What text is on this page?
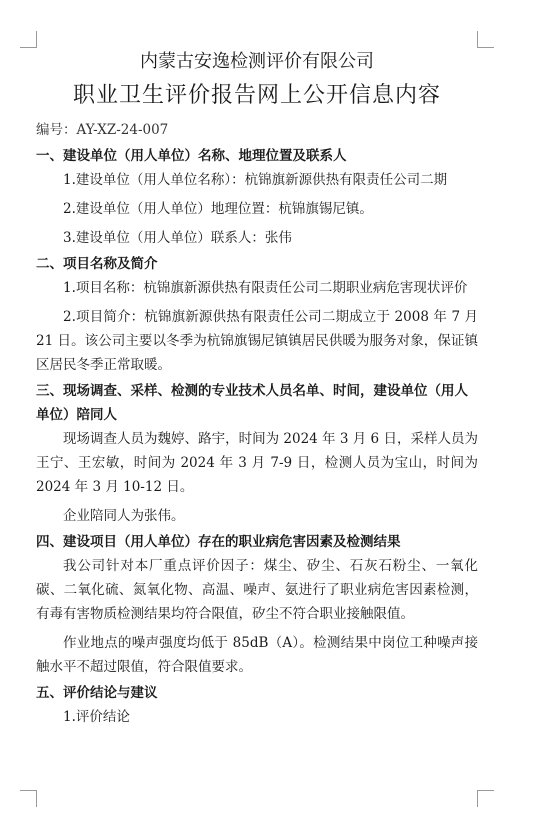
内蒙古安逸检测评价有限公司

职业卫生评价报告网上公开信息内容

编号：AY-XZ-24-007

一、建设单位（用人单位）名称、地理位置及联系人

1.建设单位（用人单位名称）：杭锦旗新源供热有限责任公司二期

2.建设单位（用人单位）地理位置：杭锦旗锡尼镇。

3.建设单位（用人单位）联系人：张伟

二、项目名称及简介

1.项目名称：杭锦旗新源供热有限责任公司二期职业病危害现状评价

2.项目简介：杭锦旗新源供热有限责任公司二期成立于 2008 年 7 月 21 日。该公司主要以冬季为杭锦旗锡尼镇镇居民供暖为服务对象，保证镇区居民冬季正常取暖。

三、现场调查、采样、检测的专业技术人员名单、时间，建设单位（用人单位）陪同人

现场调查人员为魏婷、路宇，时间为 2024 年 3 月 6 日，采样人员为王宁、王宏敏，时间为 2024 年 3 月 7-9 日，检测人员为宝山，时间为 2024 年 3 月 10-12 日。

企业陪同人为张伟。

四、建设项目（用人单位）存在的职业病危害因素及检测结果

我公司针对本厂重点评价因子：煤尘、矽尘、石灰石粉尘、一氧化碳、二氧化硫、氮氧化物、高温、噪声、氨进行了职业病危害因素检测，有毒有害物质检测结果均符合限值，矽尘不符合职业接触限值。

作业地点的噪声强度均低于 85dB（A）。检测结果中岗位工种噪声接触水平不超过限值，符合限值要求。

五、评价结论与建议

1.评价结论
